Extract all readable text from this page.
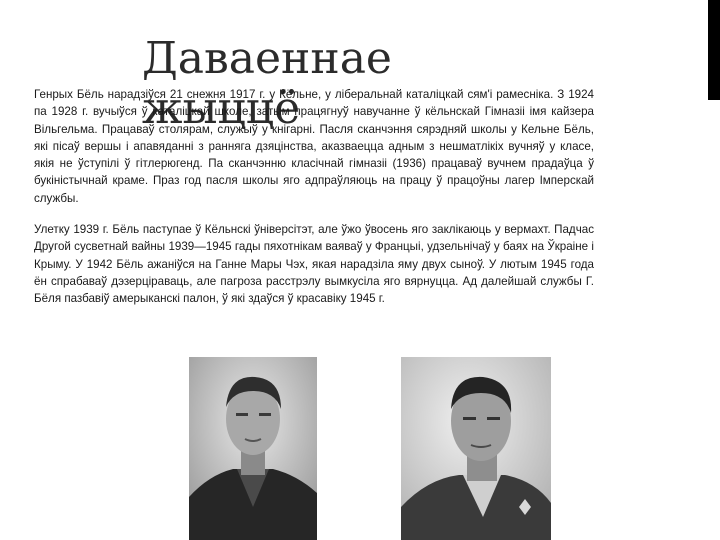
Даваеннае жыццё

Генрых Бёль нарадзіўся 21 снежня 1917 г. у Кёльне, у ліберальнай каталіцкай сям'і рамесніка. З 1924 па 1928 г. вучыўся ў каталіцкай школе, затым працягнуў навучанне ў кёльнскай Гімназіі імя кайзера Вільгельма. Працаваў столярам, служыў у кнігарні. Пасля сканчэння сярэдняй школы у Кельне Бёль, які пісаў вершы і апавяданні з ранняга дзяцінства, аказваецца адным з нешматлікіх вучняў у класе, якія не ўступілі ў гітлерюгенд. Па сканчэнню класічнай гімназіі (1936) працаваў вучнем прадаўца ў букіністычнай краме. Праз год пасля школы яго адпраўляюць на працу ў працоўны лагер Імперскай службы.

Улетку 1939 г. Бёль паступае ў Кёльнскі ўніверсітэт, але ўжо ўвосень яго заклікаюць у вермахт. Падчас Другой сусветнай вайны 1939—1945 гады пяхотнікам ваяваў у Францыі, удзельнічаў у баях на Ўкраіне і Крыму. У 1942 Бёль ажаніўся на Ганне Мары Чэх, якая нарадзіла яму двух сыноў. У лютым 1945 года ён спрабаваў дэзерціраваць, але пагроза расстрэлу вымкусіла яго вярнуцца. Ад далейшай службы Г. Бёля пазбавіў амерыканскі палон, ў які здаўся ў красавіку 1945 г.
